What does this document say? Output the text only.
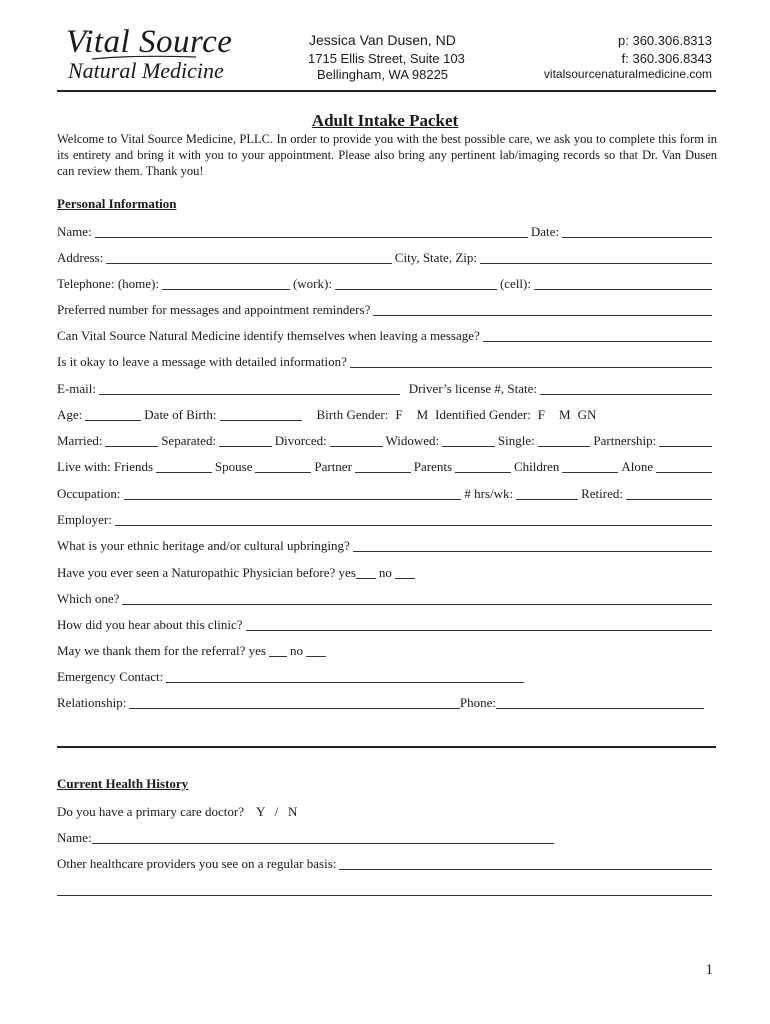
Vital Source
Natural Medicine
Jessica Van Dusen, ND
1715 Ellis Street, Suite 103
Bellingham, WA 98225
p: 360.306.8313
f: 360.306.8343
vitalsourcenaturalmedicine.com
Adult Intake Packet
Welcome to Vital Source Medicine, PLLC. In order to provide you with the best possible care, we ask you to complete this form in its entirety and bring it with you to your appointment. Please also bring any pertinent lab/imaging records so that Dr. Van Dusen can review them. Thank you!
Personal Information
Name:	Date:
Address:	City, State, Zip:
Telephone: (home):	(work):	(cell):
Preferred number for messages and appointment reminders?
Can Vital Source Natural Medicine identify themselves when leaving a message?
Is it okay to leave a message with detailed information?
E-mail:	Driver’s license #, State:
Age:	Date of Birth:	Birth Gender: F M Identified Gender: F M GN
Married:	Separated:	Divorced:	Widowed:	Single:	Partnership:
Live with: Friends	Spouse	Partner	Parents	Children	Alone
Occupation:	# hrs/wk:	Retired:
Employer:
What is your ethnic heritage and/or cultural upbringing?
Have you ever seen a Naturopathic Physician before? yes no
Which one?
How did you hear about this clinic?
May we thank them for the referral? yes no
Emergency Contact:
Relationship:	Phone:
Current Health History
Do you have a primary care doctor? Y   /   N
Name:
Other healthcare providers you see on a regular basis:
1
